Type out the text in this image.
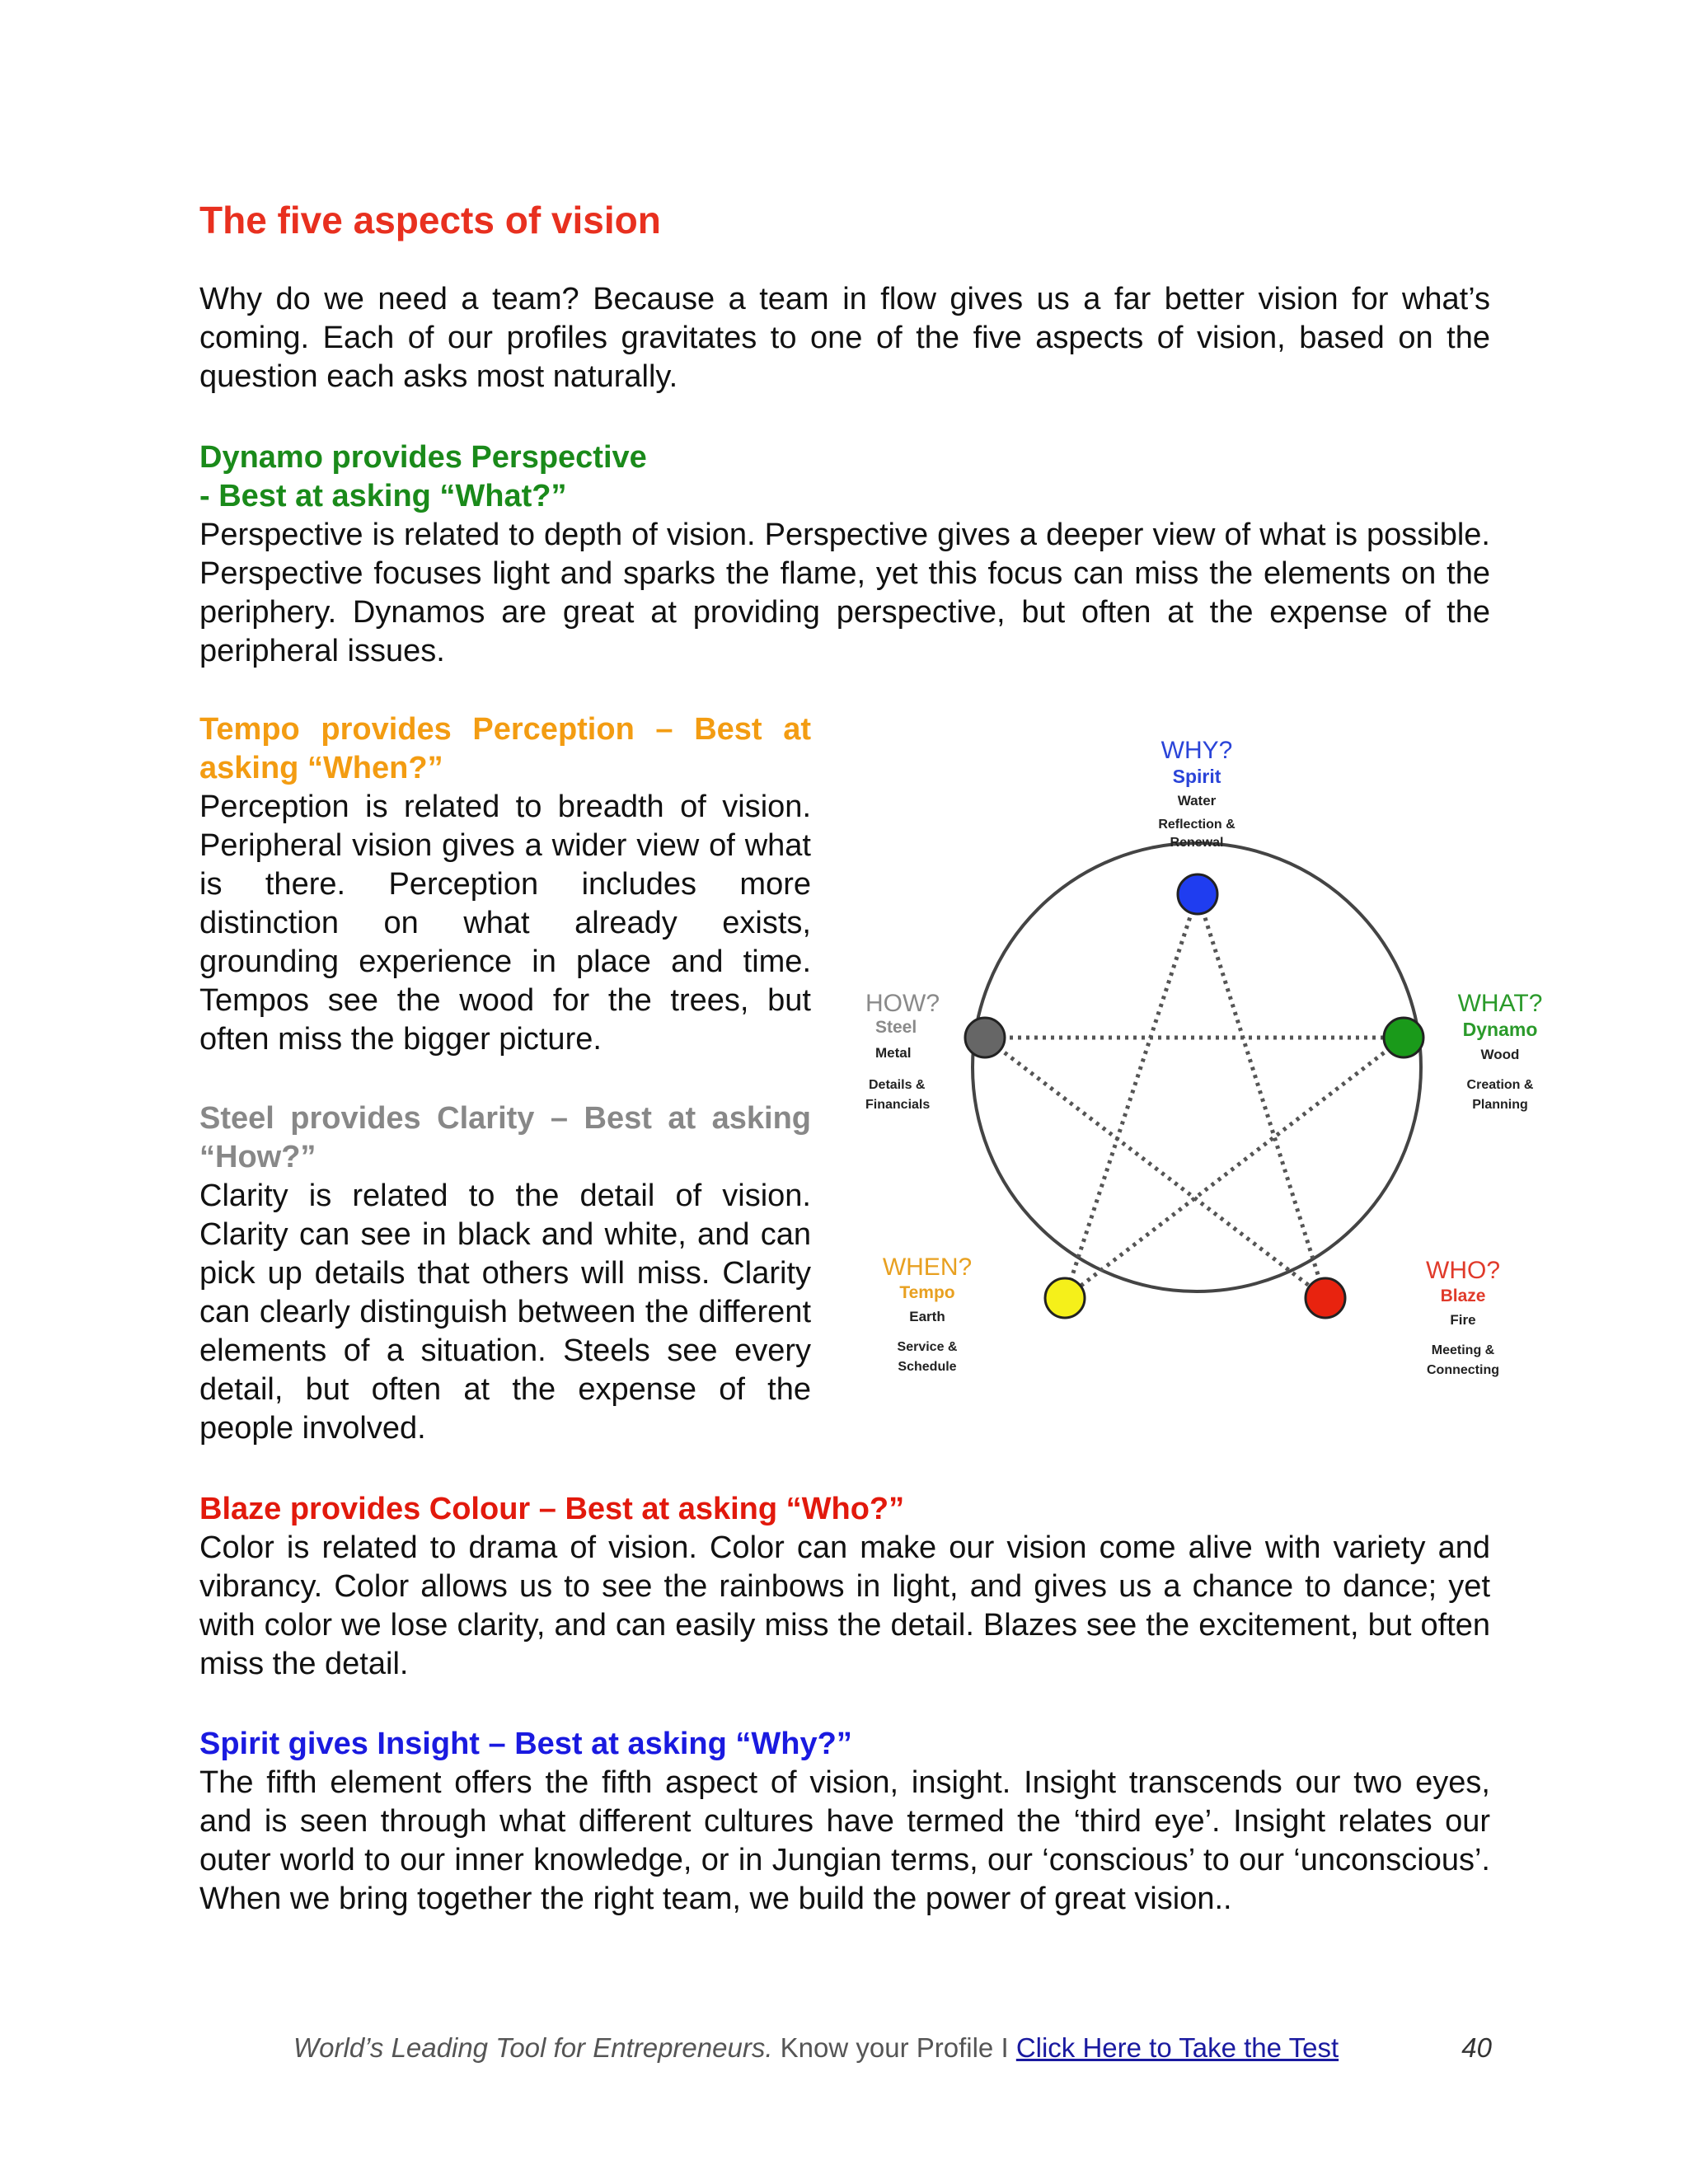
The five aspects of vision

Why do we need a team? Because a team in flow gives us a far better vision for what’s coming. Each of our profiles gravitates to one of the five aspects of vision, based on the question each asks most naturally.

Dynamo provides Perspective
- Best at asking “What?”
Perspective is related to depth of vision. Perspective gives a deeper view of what is possible. Perspective focuses light and sparks the flame, yet this focus can miss the elements on the periphery. Dynamos are great at providing perspective, but often at the expense of the peripheral issues.
Tempo provides Perception – Best at asking “When?”
Perception is related to breadth of vision. Peripheral vision gives a wider view of what is there. Perception includes more distinction on what already exists, grounding experience in place and time. Tempos see the wood for the trees, but often miss the bigger picture.
Steel provides Clarity – Best at asking “How?”
Clarity is related to the detail of vision. Clarity can see in black and white, and can pick up details that others will miss. Clarity can clearly distinguish between the different elements of a situation. Steels see every detail, but often at the expense of the people involved.
Blaze provides Colour – Best at asking “Who?”
Color is related to drama of vision. Color can make our vision come alive with variety and vibrancy. Color allows us to see the rainbows in light, and gives us a chance to dance; yet with color we lose clarity, and can easily miss the detail. Blazes see the excitement, but often miss the detail.
Spirit gives Insight – Best at asking “Why?”
The fifth element offers the fifth aspect of vision, insight. Insight transcends our two eyes, and is seen through what different cultures have termed the ‘third eye’. Insight relates our outer world to our inner knowledge, or in Jungian terms, our ‘conscious’ to our ‘unconscious’. When we bring together the right team, we build the power of great vision..
WHY?
Spirit
Water
Reflection &
Renewal
WHAT?
Dynamo
Wood
Creation &
Planning
WHO?
Blaze
Fire
Meeting &
Connecting
WHEN?
Tempo
Earth
Service &
Schedule
HOW?
Steel
Metal
Details &
Financials
World’s Leading Tool for Entrepreneurs. Know your Profile I Click Here to Take the Test	40
